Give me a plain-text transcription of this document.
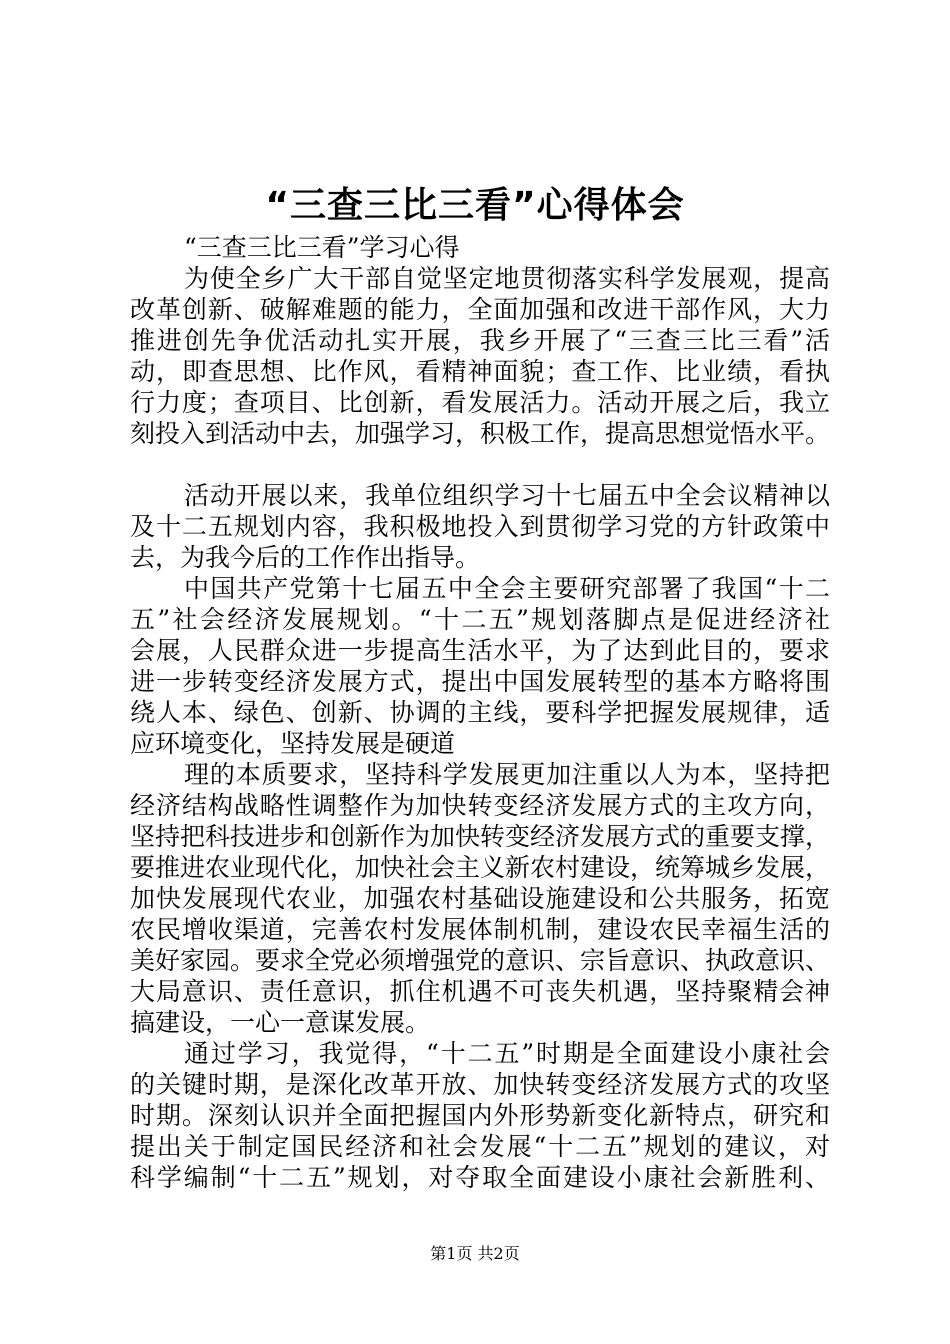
“三查三比三看”心得体会
“三查三比三看”学习心得
为使全乡广大干部自觉坚定地贯彻落实科学发展观，提高
改革创新、破解难题的能力，全面加强和改进干部作风，大力
推进创先争优活动扎实开展，我乡开展了“三查三比三看”活
动，即查思想、比作风，看精神面貌；查工作、比业绩，看执
行力度；查项目、比创新，看发展活力。活动开展之后，我立
刻投入到活动中去，加强学习，积极工作，提高思想觉悟水平。
活动开展以来，我单位组织学习十七届五中全会议精神以
及十二五规划内容，我积极地投入到贯彻学习党的方针政策中
去，为我今后的工作作出指导。
中国共产党第十七届五中全会主要研究部署了我国“十二
五”社会经济发展规划。“十二五”规划落脚点是促进经济社
会展，人民群众进一步提高生活水平，为了达到此目的，要求
进一步转变经济发展方式，提出中国发展转型的基本方略将围
绕人本、绿色、创新、协调的主线，要科学把握发展规律，适
应环境变化，坚持发展是硬道
理的本质要求，坚持科学发展更加注重以人为本，坚持把
经济结构战略性调整作为加快转变经济发展方式的主攻方向，
坚持把科技进步和创新作为加快转变经济发展方式的重要支撑，
要推进农业现代化，加快社会主义新农村建设，统筹城乡发展，
加快发展现代农业，加强农村基础设施建设和公共服务，拓宽
农民增收渠道，完善农村发展体制机制，建设农民幸福生活的
美好家园。要求全党必须增强党的意识、宗旨意识、执政意识、
大局意识、责任意识，抓住机遇不可丧失机遇，坚持聚精会神
搞建设，一心一意谋发展。
通过学习，我觉得，“十二五”时期是全面建设小康社会
的关键时期，是深化改革开放、加快转变经济发展方式的攻坚
时期。深刻认识并全面把握国内外形势新变化新特点，研究和
提出关于制定国民经济和社会发展“十二五”规划的建议，对
科学编制“十二五”规划，对夺取全面建设小康社会新胜利、
第1页 共2页
